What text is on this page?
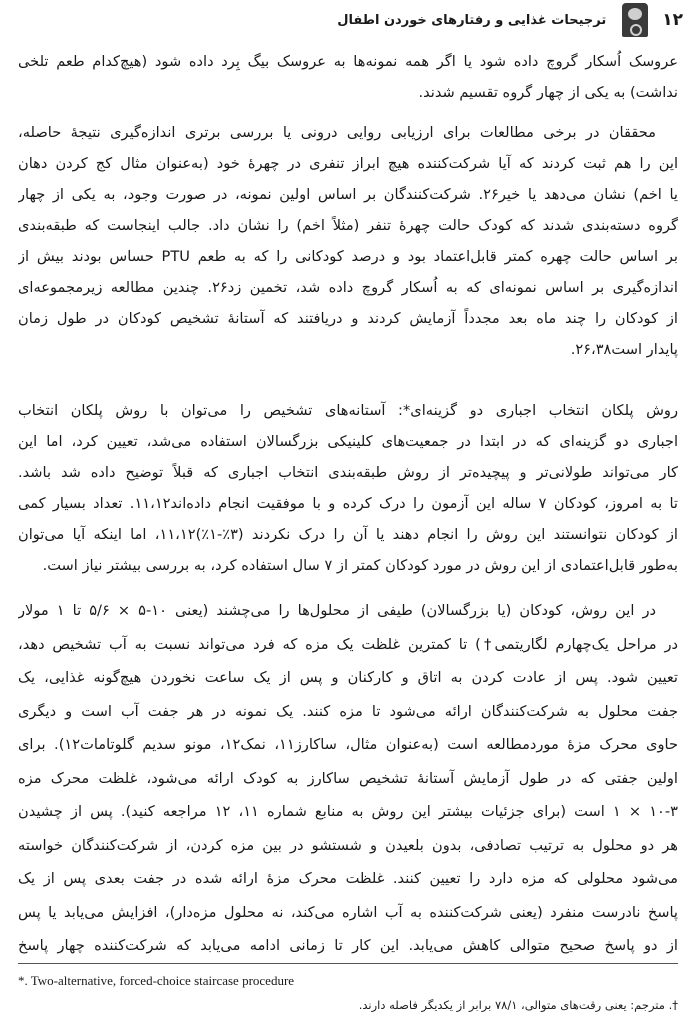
۱۲
ترجیحات غذایی و رفتارهای خوردن اطفال
عروسک اُسکار گروچ داده شود یا اگر همه نمونه‌ها به عروسک بیگ بِرد داده شود (هیچ‌کدام طعم تلخی
نداشت) به یکی از چهار گروه تقسیم شدند.
محققان در برخی مطالعات برای ارزیابی روایی درونی یا بررسی برتری اندازه‌گیری نتیجهٔ حاصله،
این را هم ثبت کردند که آیا شرکت‌کننده هیچ ابراز تنفری در چهرهٔ خود (به‌عنوان مثال کج کردن دهان
یا اخم) نشان می‌دهد یا خیر۲۶. شرکت‌کنندگان بر اساس اولین نمونه، در صورت وجود، به یکی از چهار
گروه دسته‌بندی شدند که کودک حالت چهرهٔ تنفر (مثلاً اخم) را نشان داد. جالب اینجاست که طبقه‌بندی
بر اساس حالت چهره کمتر قابل‌اعتماد بود و درصد کودکانی را که به طعم PTU حساس بودند بیش از
اندازه‌گیری بر اساس نمونه‌ای که به اُسکار گروچ داده شد، تخمین زد۲۶. چندین مطالعه زیرمجموعه‌ای
از کودکان را چند ماه بعد مجدداً آزمایش کردند و دریافتند که آستانهٔ تشخیص کودکان در طول زمان
پایدار است۲۶،۳۸.
روش پلکان انتخاب اجباری دو گزینه‌ای*: آستانه‌های تشخیص را می‌توان با روش پلکان انتخاب
اجباری دو گزینه‌ای که در ابتدا در جمعیت‌های کلینیکی بزرگسالان استفاده می‌شد، تعیین کرد، اما این
کار می‌تواند طولانی‌تر و پیچیده‌تر از روش طبقه‌بندی انتخاب اجباری که قبلاً توضیح داده شد باشد.
تا به امروز، کودکان ۷ ساله این آزمون را درک کرده و با موفقیت انجام داده‌اند۱۱،۱۲. تعداد بسیار کمی
از کودکان نتوانستند این روش را انجام دهند یا آن را درک نکردند (۳٪-۱٪)۱۱،۱۲، اما اینکه آیا می‌توان
به‌طور قابل‌اعتمادی از این روش در مورد کودکان کمتر از ۷ سال استفاده کرد، به بررسی بیشتر نیاز است.
در این روش، کودکان (یا بزرگسالان) طیفی از محلول‌ها را می‌چشند (یعنی ۱۰-۵ × ۵/۶ تا ۱ مولار
در مراحل یک‌چهارم لگاریتمی†) تا کمترین غلظت یک مزه که فرد می‌تواند نسبت به آب تشخیص دهد،
تعیین شود. پس از عادت کردن به اتاق و کارکنان و پس از یک ساعت نخوردن هیچ‌گونه غذایی، یک
جفت محلول به شرکت‌کنندگان ارائه می‌شود تا مزه کنند. یک نمونه در هر جفت آب است و دیگری
حاوی محرک مزهٔ موردمطالعه است (به‌عنوان مثال، ساکارز۱۱، نمک۱۲، مونو سدیم گلوتامات۱۲). برای
اولین جفتی که در طول آزمایش آستانهٔ تشخیص ساکارز به کودک ارائه می‌شود، غلظت محرک مزه
۱۰-۳ × ۱ است (برای جزئیات بیشتر این روش به منابع شماره ۱۱، ۱۲ مراجعه کنید). پس از چشیدن
هر دو محلول به ترتیب تصادفی، بدون بلعیدن و شستشو در بین مزه کردن، از شرکت‌کنندگان خواسته
می‌شود محلولی که مزه دارد را تعیین کنند. غلظت محرک مزهٔ ارائه شده در جفت بعدی پس از یک
پاسخ نادرست منفرد (یعنی شرکت‌کننده به آب اشاره می‌کند، نه محلول مزه‌دار)، افزایش می‌یابد یا پس
از دو پاسخ صحیح متوالی کاهش می‌یابد. این کار تا زمانی ادامه می‌یابد که شرکت‌کننده چهار پاسخ
*. Two-alternative, forced-choice staircase procedure
†. مترجم: یعنی رقت‌های متوالی، ۷۸/۱ برابر از یکدیگر فاصله دارند.
